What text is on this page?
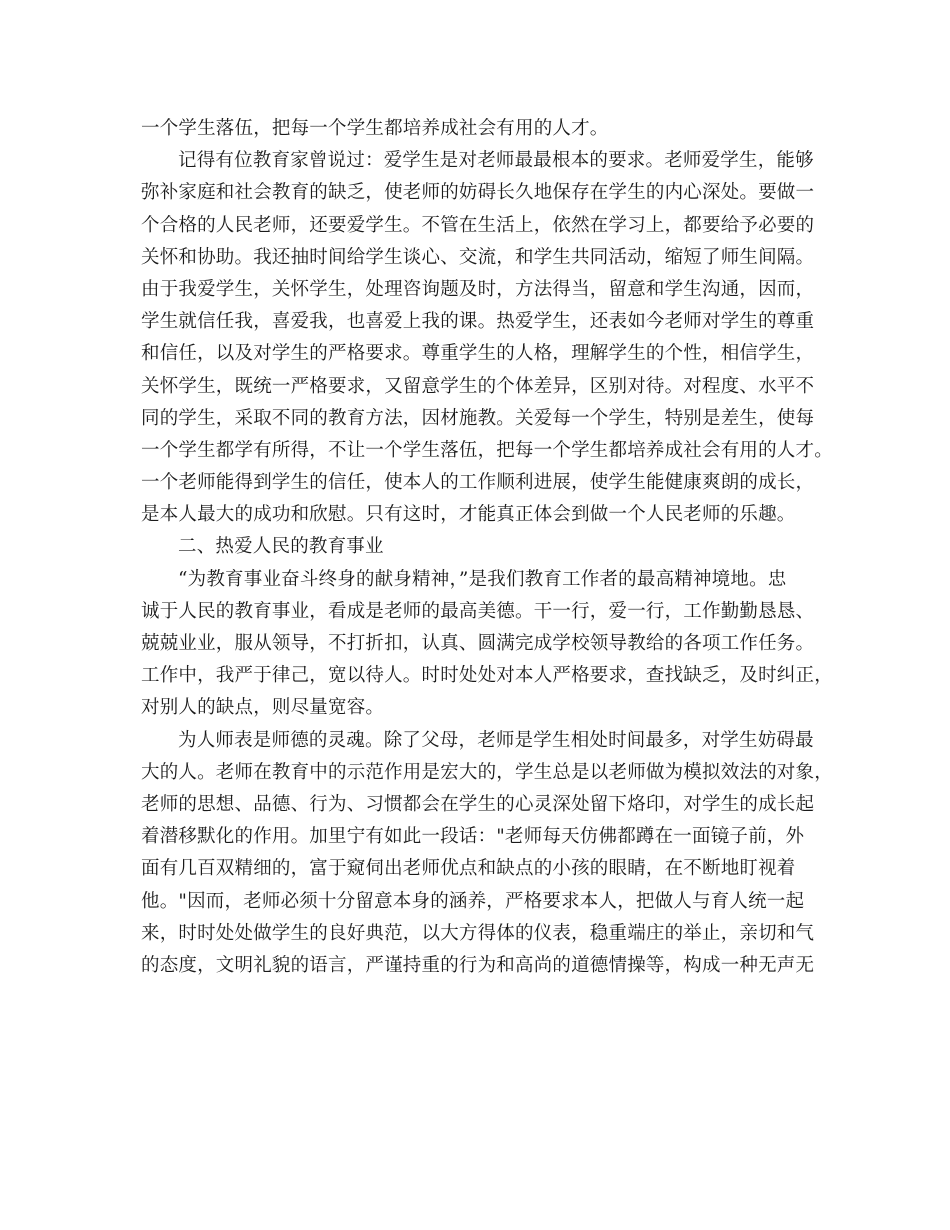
一个学生落伍，把每一个学生都培养成社会有用的人才。
记得有位教育家曾说过：爱学生是对老师最最根本的要求。老师爱学生，能够
弥补家庭和社会教育的缺乏，使老师的妨碍长久地保存在学生的内心深处。要做一
个合格的人民老师，还要爱学生。不管在生活上，依然在学习上，都要给予必要的
关怀和协助。我还抽时间给学生谈心、交流，和学生共同活动，缩短了师生间隔。
由于我爱学生，关怀学生，处理咨询题及时，方法得当，留意和学生沟通，因而，
学生就信任我，喜爱我，也喜爱上我的课。热爱学生，还表如今老师对学生的尊重
和信任，以及对学生的严格要求。尊重学生的人格，理解学生的个性，相信学生，
关怀学生，既统一严格要求，又留意学生的个体差异，区别对待。对程度、水平不
同的学生，采取不同的教育方法，因材施教。关爱每一个学生，特别是差生，使每
一个学生都学有所得，不让一个学生落伍，把每一个学生都培养成社会有用的人才。
一个老师能得到学生的信任，使本人的工作顺利进展，使学生能健康爽朗的成长，
是本人最大的成功和欣慰。只有这时，才能真正体会到做一个人民老师的乐趣。
二、热爱人民的教育事业
“为教育事业奋斗终身的献身精神，”是我们教育工作者的最高精神境地。忠
诚于人民的教育事业，看成是老师的最高美德。干一行，爱一行，工作勤勤恳恳、
兢兢业业，服从领导，不打折扣，认真、圆满完成学校领导教给的各项工作任务。
工作中，我严于律己，宽以待人。时时处处对本人严格要求，查找缺乏，及时纠正，
对别人的缺点，则尽量宽容。
为人师表是师德的灵魂。除了父母，老师是学生相处时间最多，对学生妨碍最
大的人。老师在教育中的示范作用是宏大的，学生总是以老师做为模拟效法的对象，
老师的思想、品德、行为、习惯都会在学生的心灵深处留下烙印，对学生的成长起
着潜移默化的作用。加里宁有如此一段话："老师每天仿佛都蹲在一面镜子前，外
面有几百双精细的，富于窥伺出老师优点和缺点的小孩的眼睛，在不断地盯视着
他。"因而，老师必须十分留意本身的涵养，严格要求本人，把做人与育人统一起
来，时时处处做学生的良好典范，以大方得体的仪表，稳重端庄的举止，亲切和气
的态度，文明礼貌的语言，严谨持重的行为和高尚的道德情操等，构成一种无声无
